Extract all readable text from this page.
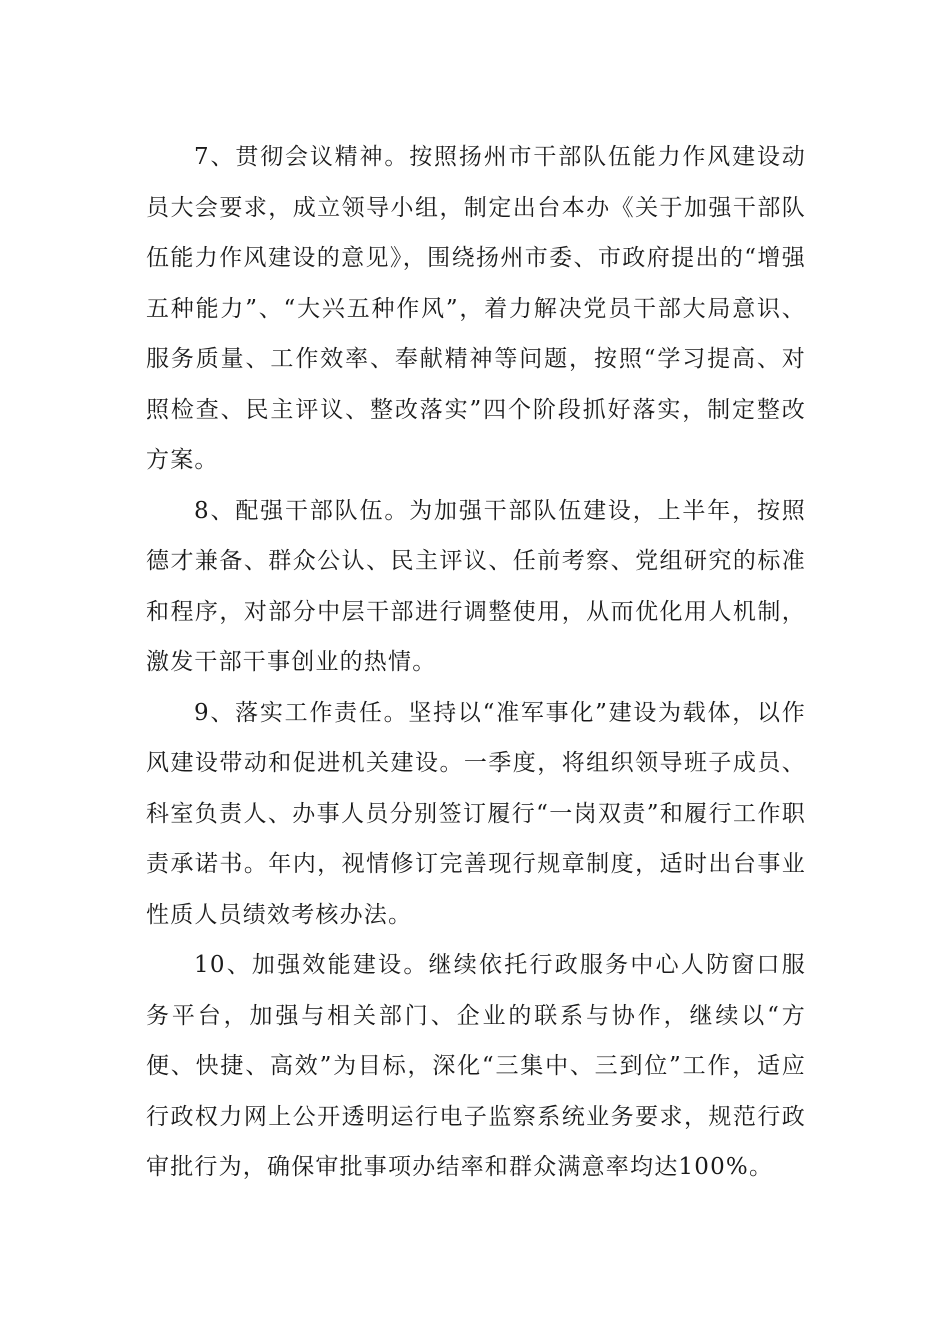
7、贯彻会议精神。按照扬州市干部队伍能力作风建设动员大会要求，成立领导小组，制定出台本办《关于加强干部队伍能力作风建设的意见》，围绕扬州市委、市政府提出的“增强五种能力”、“大兴五种作风”，着力解决党员干部大局意识、服务质量、工作效率、奉献精神等问题，按照“学习提高、对照检查、民主评议、整改落实”四个阶段抓好落实，制定整改方案。

8、配强干部队伍。为加强干部队伍建设，上半年，按照德才兼备、群众公认、民主评议、任前考察、党组研究的标准和程序，对部分中层干部进行调整使用，从而优化用人机制，激发干部干事创业的热情。

9、落实工作责任。坚持以“准军事化”建设为载体，以作风建设带动和促进机关建设。一季度，将组织领导班子成员、科室负责人、办事人员分别签订履行“一岗双责”和履行工作职责承诺书。年内，视情修订完善现行规章制度，适时出台事业性质人员绩效考核办法。

10、加强效能建设。继续依托行政服务中心人防窗口服务平台，加强与相关部门、企业的联系与协作，继续以“方便、快捷、高效”为目标，深化“三集中、三到位”工作，适应行政权力网上公开透明运行电子监察系统业务要求，规范行政审批行为，确保审批事项办结率和群众满意率均达100%。
